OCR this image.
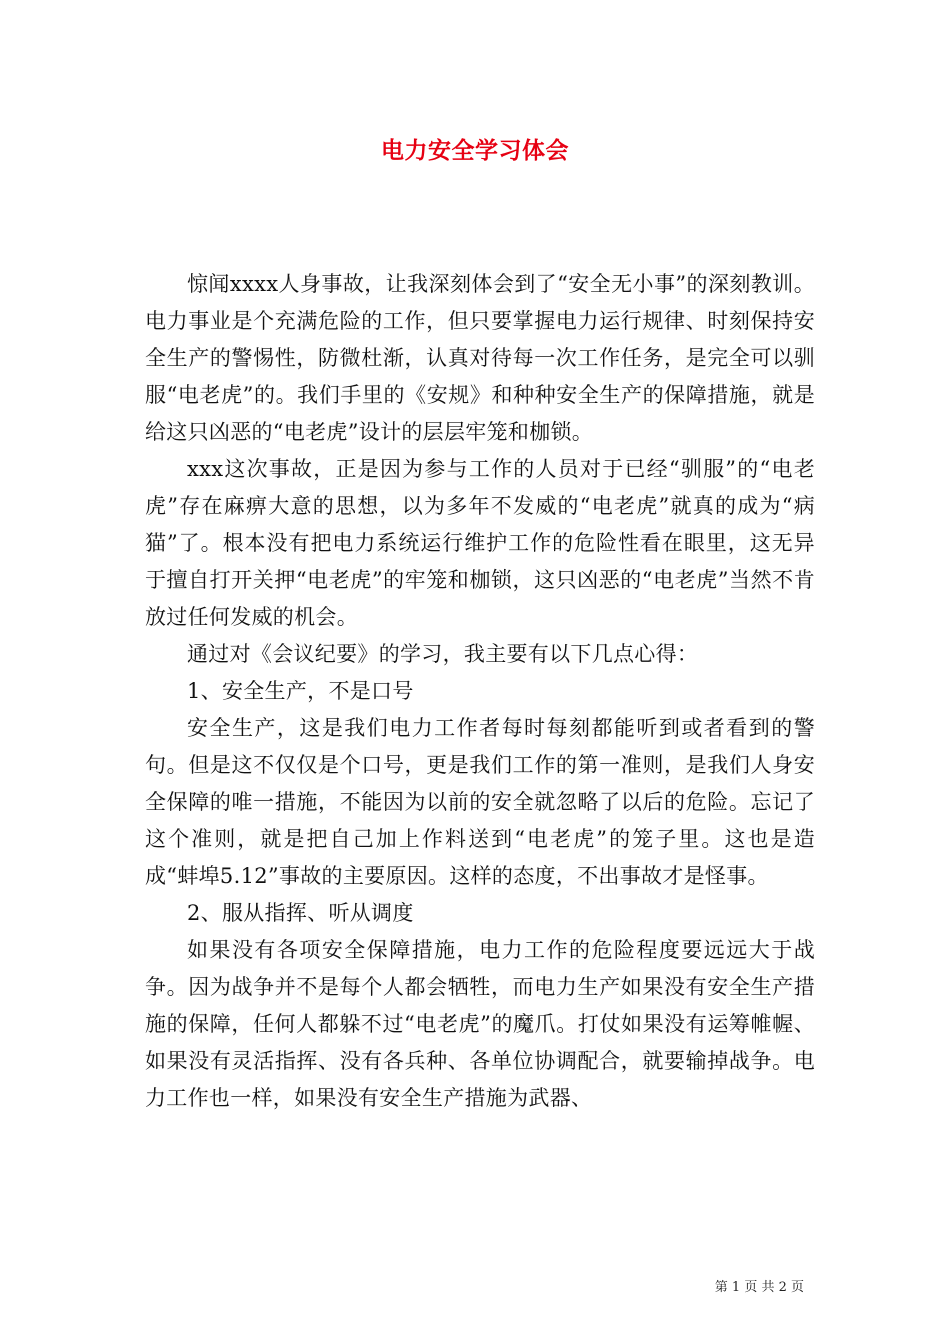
电力安全学习体会

惊闻xxxx人身事故，让我深刻体会到了“安全无小事”的深刻教训。电力事业是个充满危险的工作，但只要掌握电力运行规律、时刻保持安全生产的警惕性，防微杜渐，认真对待每一次工作任务，是完全可以驯服“电老虎”的。我们手里的《安规》和种种安全生产的保障措施，就是给这只凶恶的“电老虎”设计的层层牢笼和枷锁。

xxx这次事故，正是因为参与工作的人员对于已经“驯服”的“电老虎”存在麻痹大意的思想，以为多年不发威的“电老虎”就真的成为“病猫”了。根本没有把电力系统运行维护工作的危险性看在眼里，这无异于擅自打开关押“电老虎”的牢笼和枷锁，这只凶恶的“电老虎”当然不肯放过任何发威的机会。

通过对《会议纪要》的学习，我主要有以下几点心得：

1、安全生产，不是口号

安全生产，这是我们电力工作者每时每刻都能听到或者看到的警句。但是这不仅仅是个口号，更是我们工作的第一准则，是我们人身安全保障的唯一措施，不能因为以前的安全就忽略了以后的危险。忘记了这个准则，就是把自己加上作料送到“电老虎”的笼子里。这也是造成“蚌埠5.12”事故的主要原因。这样的态度，不出事故才是怪事。

2、服从指挥、听从调度

如果没有各项安全保障措施，电力工作的危险程度要远远大于战争。因为战争并不是每个人都会牺牲，而电力生产如果没有安全生产措施的保障，任何人都躲不过“电老虎”的魔爪。打仗如果没有运筹帷幄、如果没有灵活指挥、没有各兵种、各单位协调配合，就要输掉战争。电力工作也一样，如果没有安全生产措施为武器、

第 1 页 共 2 页
